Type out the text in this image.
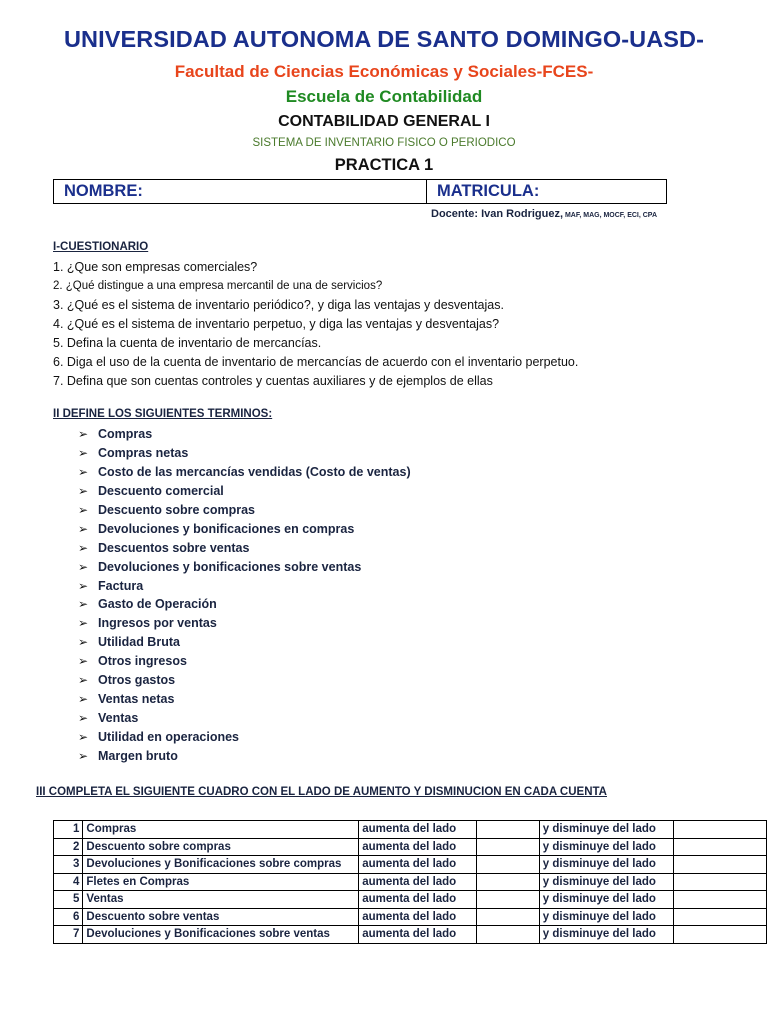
UNIVERSIDAD AUTONOMA DE SANTO DOMINGO-UASD-
Facultad de Ciencias Económicas y Sociales-FCES-
Escuela de Contabilidad
CONTABILIDAD GENERAL I
SISTEMA DE INVENTARIO FISICO O PERIODICO
PRACTICA 1
NOMBRE:	MATRICULA:
Docente: Ivan Rodriguez, MAF, MAG, MOCF, ECI, CPA
I-CUESTIONARIO
1. ¿Que son empresas comerciales?
2. ¿Qué distingue a una empresa mercantil de una de servicios?
3. ¿Qué es el sistema de inventario periódico?, y diga las ventajas y desventajas.
4. ¿Qué es el sistema de inventario perpetuo, y diga las ventajas y desventajas?
5. Defina la cuenta de inventario de mercancías.
6. Diga el uso de la cuenta de inventario de mercancías de acuerdo con el inventario perpetuo.
7. Defina que son cuentas controles y cuentas auxiliares y de ejemplos de ellas
II DEFINE LOS SIGUIENTES TERMINOS:
➢ Compras
➢ Compras netas
➢ Costo de las mercancías vendidas (Costo de ventas)
➢ Descuento comercial
➢ Descuento sobre compras
➢ Devoluciones y bonificaciones en compras
➢ Descuentos sobre ventas
➢ Devoluciones y bonificaciones sobre ventas
➢ Factura
➢ Gasto de Operación
➢ Ingresos por ventas
➢ Utilidad Bruta
➢ Otros ingresos
➢ Otros gastos
➢ Ventas netas
➢ Ventas
➢ Utilidad en operaciones
➢ Margen bruto
III COMPLETA EL SIGUIENTE CUADRO CON EL LADO DE AUMENTO Y DISMINUCION EN CADA CUENTA
1	Compras	aumenta del lado		y disminuye del lado	
2	Descuento sobre compras	aumenta del lado		y disminuye del lado	
3	Devoluciones y Bonificaciones sobre compras	aumenta del lado		y disminuye del lado	
4	Fletes en Compras	aumenta del lado		y disminuye del lado	
5	Ventas	aumenta del lado		y disminuye del lado	
6	Descuento sobre ventas	aumenta del lado		y disminuye del lado	
7	Devoluciones y Bonificaciones sobre ventas	aumenta del lado		y disminuye del lado	
